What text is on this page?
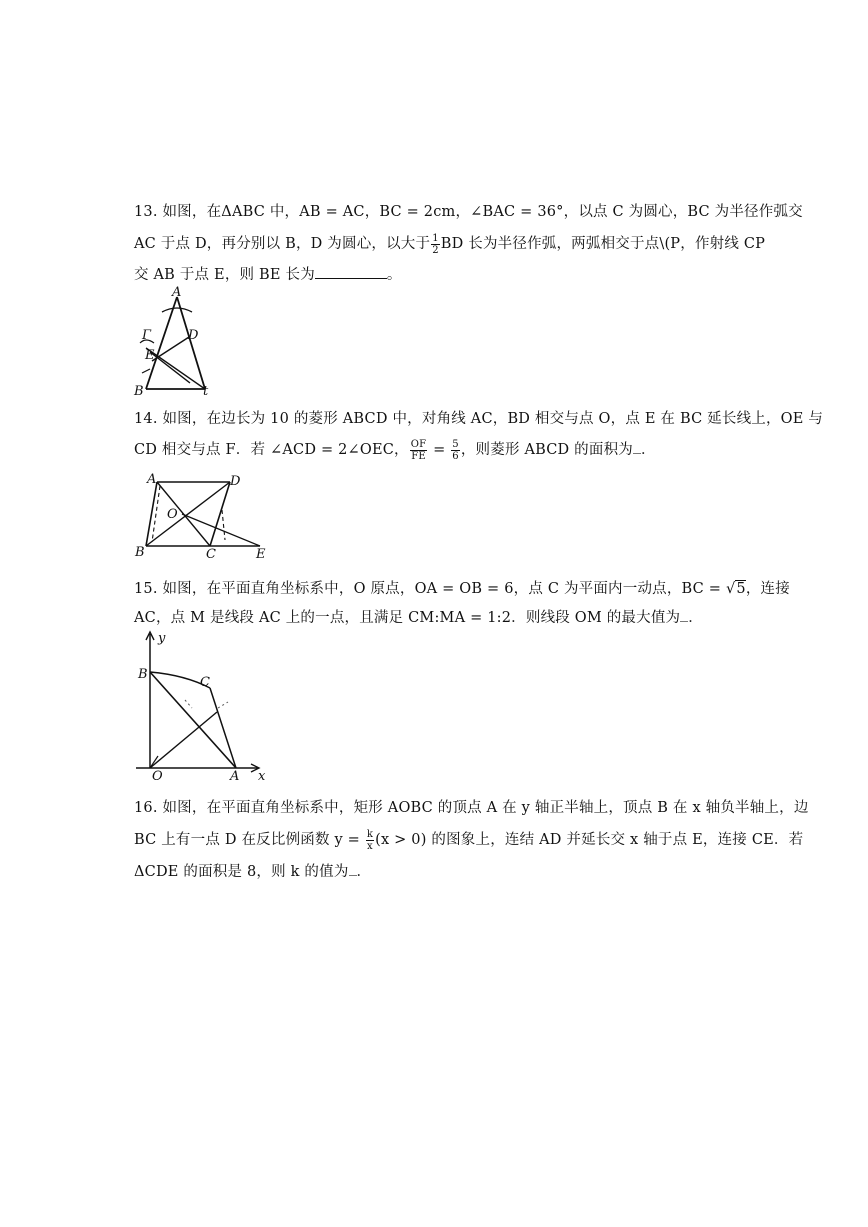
13. 如图，在ΔABC 中，AB = AC，BC = 2cm，∠BAC = 36°，以点 C 为圆心，BC 为半径作弧交
AC 于点 D，再分别以 B，D 为圆心，以大于 $\frac{1}{2}$ BD 长为半径作弧，两弧相交于点\(P，作射线 CP
交 AB 于点 E，则 BE 长为	。
A
D
E
Γ
B	t
14. 如图，在边长为 10 的菱形 ABCD 中，对角线 AC，BD 相交与点 O，点 E 在 BC 延长线上，OE 与
CD 相交与点 F．若 ∠ACD = 2∠OEC， $\frac{OF}{FE} = \frac{5}{6}$ ，则菱形 ABCD 的面积为 ．
A	D
O
B	C	E
15. 如图，在平面直角坐标系中，O 原点，OA = OB = 6，点 C 为平面内一动点，BC = √5，连接
AC，点 M 是线段 AC 上的一点，且满足 CM:MA = 1:2．则线段 OM 的最大值为 ．
y
B
C
O	A x
16. 如图，在平面直角坐标系中，矩形 AOBC 的顶点 A 在 y 轴正半轴上，顶点 B 在 x 轴负半轴上，边
BC 上有一点 D 在反比例函数 $y = \frac{k}{x} (x > 0)$ 的图象上，连结 AD 并延长交 x 轴于点 E，连接 CE．若
ΔCDE 的面积是 8，则 k 的值为 ．
